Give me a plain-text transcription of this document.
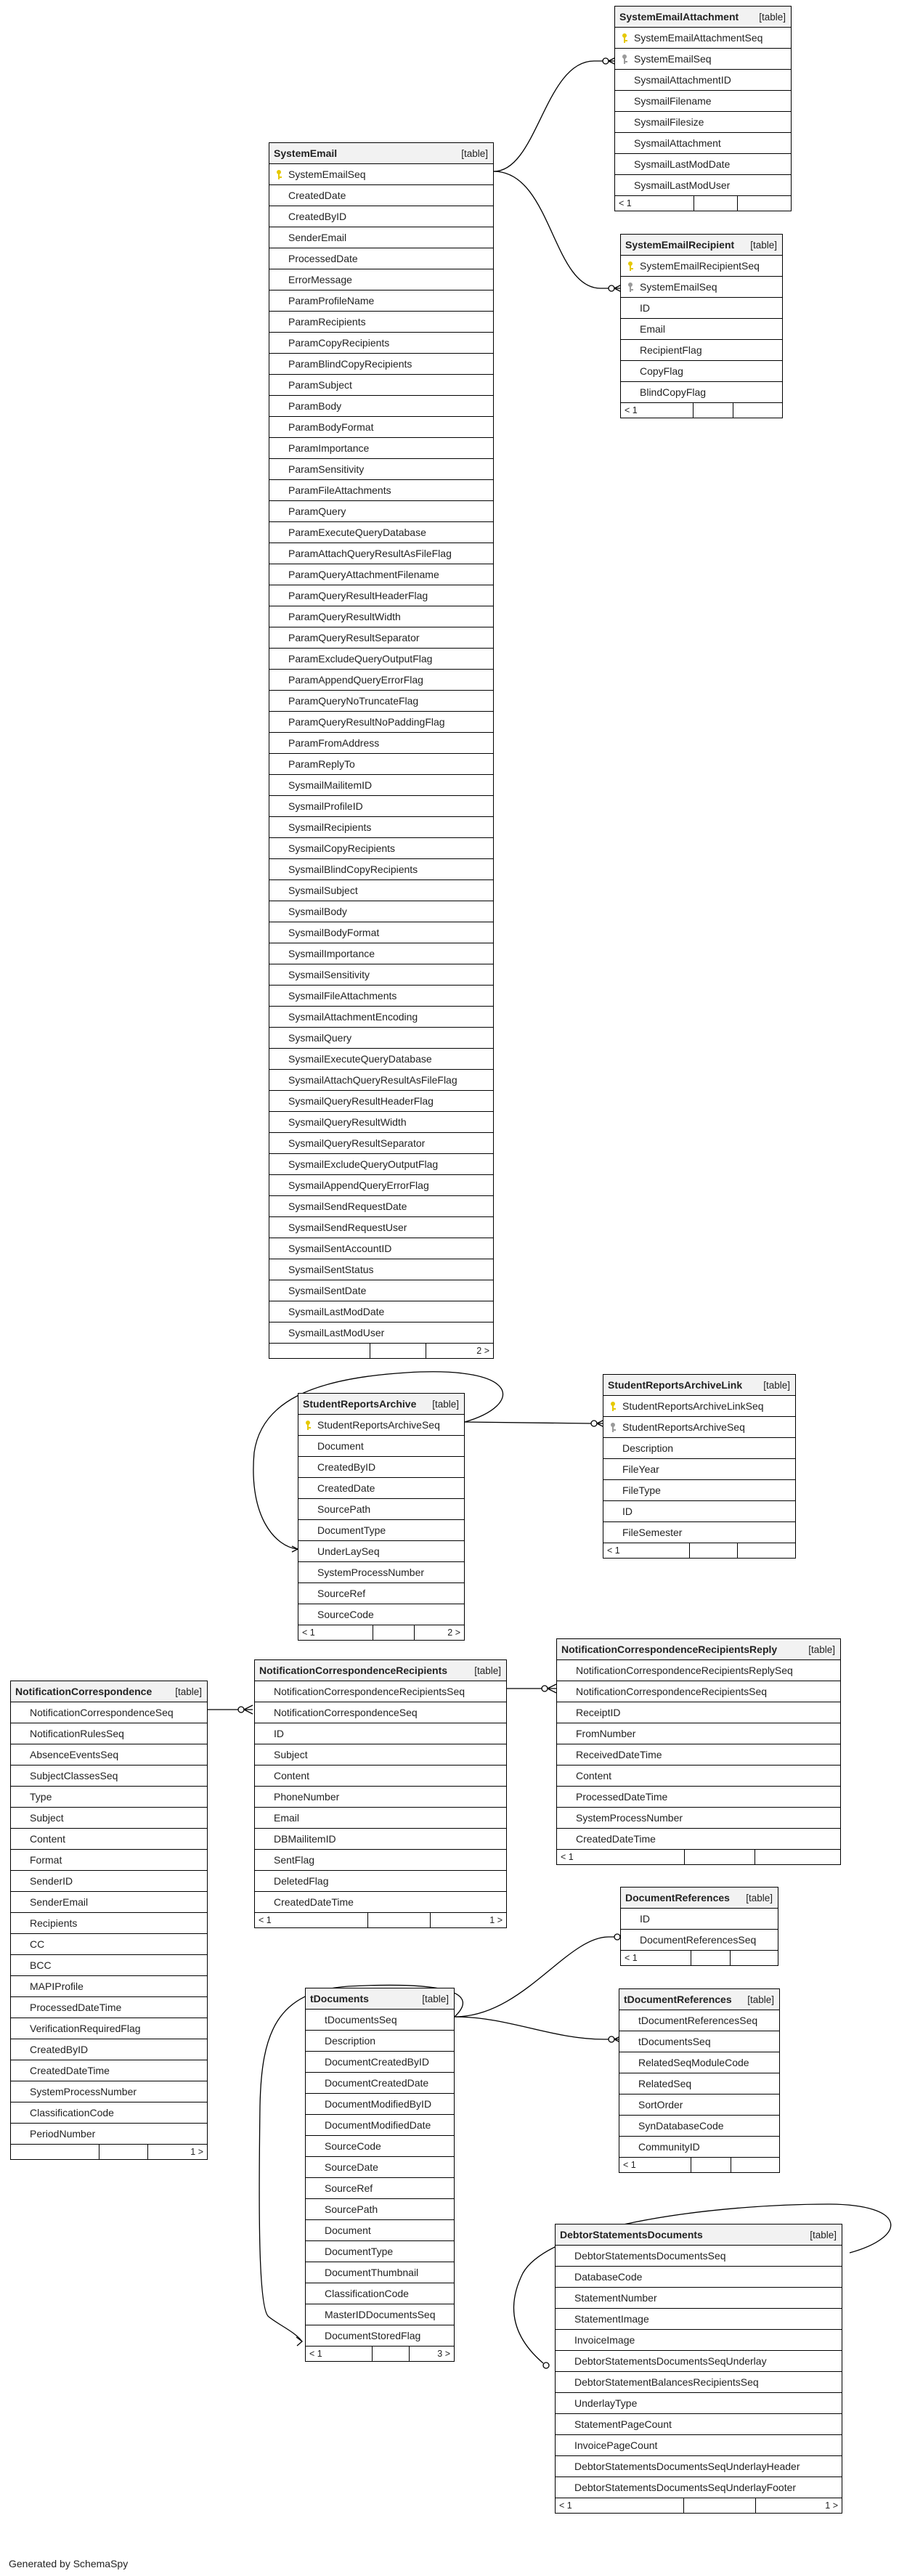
SystemEmailAttachment [table]
SystemEmailAttachmentSeq
SystemEmailSeq
SysmailAttachmentID
SysmailFilename
SysmailFilesize
SysmailAttachment
SysmailLastModDate
SysmailLastModUser
< 1
SystemEmail	[table]
SystemEmailSeq
CreatedDate
CreatedByID
SenderEmail
ProcessedDate
ErrorMessage
ParamProfileName
ParamRecipients
ParamCopyRecipients
ParamBlindCopyRecipients
ParamSubject
ParamBody
ParamBodyFormat
ParamImportance
ParamSensitivity
ParamFileAttachments
ParamQuery
ParamExecuteQueryDatabase
ParamAttachQueryResultAsFileFlag
ParamQueryAttachmentFilename
ParamQueryResultHeaderFlag
ParamQueryResultWidth
ParamQueryResultSeparator
ParamExcludeQueryOutputFlag
ParamAppendQueryErrorFlag
ParamQueryNoTruncateFlag
ParamQueryResultNoPaddingFlag
ParamFromAddress
ParamReplyTo
SysmailMailitemID
SysmailProfileID
SysmailRecipients
SysmailCopyRecipients
SysmailBlindCopyRecipients
SysmailSubject
SysmailBody
SysmailBodyFormat
SysmailImportance
SysmailSensitivity
SysmailFileAttachments
SysmailAttachmentEncoding
SysmailQuery
SysmailExecuteQueryDatabase
SysmailAttachQueryResultAsFileFlag
SysmailQueryResultHeaderFlag
SysmailQueryResultWidth
SysmailQueryResultSeparator
SysmailExcludeQueryOutputFlag
SysmailAppendQueryErrorFlag
SysmailSendRequestDate
SysmailSendRequestUser
SysmailSentAccountID
SysmailSentStatus
SysmailSentDate
SysmailLastModDate
SysmailLastModUser
2 >
SystemEmailRecipient [table]
SystemEmailRecipientSeq
SystemEmailSeq
ID
Email
RecipientFlag
CopyFlag
BlindCopyFlag
< 1
StudentReportsArchive [table]
StudentReportsArchiveSeq
Document
CreatedByID
CreatedDate
SourcePath
DocumentType
UnderLaySeq
SystemProcessNumber
SourceRef
SourceCode
< 1	2 >
StudentReportsArchiveLink [table]
StudentReportsArchiveLinkSeq
StudentReportsArchiveSeq
Description
FileYear
FileType
ID
FileSemester
< 1
NotificationCorrespondence [table]
NotificationCorrespondenceSeq
NotificationRulesSeq
AbsenceEventsSeq
SubjectClassesSeq
Type
Subject
Content
Format
SenderID
SenderEmail
Recipients
CC
BCC
MAPIProfile
ProcessedDateTime
VerificationRequiredFlag
CreatedByID
CreatedDateTime
SystemProcessNumber
ClassificationCode
PeriodNumber
1 >
NotificationCorrespondenceRecipients	[table]
NotificationCorrespondenceRecipientsSeq
NotificationCorrespondenceSeq
ID
Subject
Content
PhoneNumber
Email
DBMailitemID
SentFlag
DeletedFlag
CreatedDateTime
< 1	1 >
NotificationCorrespondenceRecipientsReply	[table]
NotificationCorrespondenceRecipientsReplySeq
NotificationCorrespondenceRecipientsSeq
ReceiptID
FromNumber
ReceivedDateTime
Content
ProcessedDateTime
SystemProcessNumber
CreatedDateTime
< 1
DocumentReferences [table]
ID
DocumentReferencesSeq
< 1
tDocuments	[table]
tDocumentsSeq
Description
DocumentCreatedByID
DocumentCreatedDate
DocumentModifiedByID
DocumentModifiedDate
SourceCode
SourceDate
SourceRef
SourcePath
Document
DocumentType
DocumentThumbnail
ClassificationCode
MasterIDDocumentsSeq
DocumentStoredFlag
< 1	3 >
tDocumentReferences [table]
tDocumentReferencesSeq
tDocumentsSeq
RelatedSeqModuleCode
RelatedSeq
SortOrder
SynDatabaseCode
CommunityID
< 1
DebtorStatementsDocuments	[table]
DebtorStatementsDocumentsSeq
DatabaseCode
StatementNumber
StatementImage
InvoiceImage
DebtorStatementsDocumentsSeqUnderlay
DebtorStatementBalancesRecipientsSeq
UnderlayType
StatementPageCount
InvoicePageCount
DebtorStatementsDocumentsSeqUnderlayHeader
DebtorStatementsDocumentsSeqUnderlayFooter
< 1	1 >
Generated by SchemaSpy
